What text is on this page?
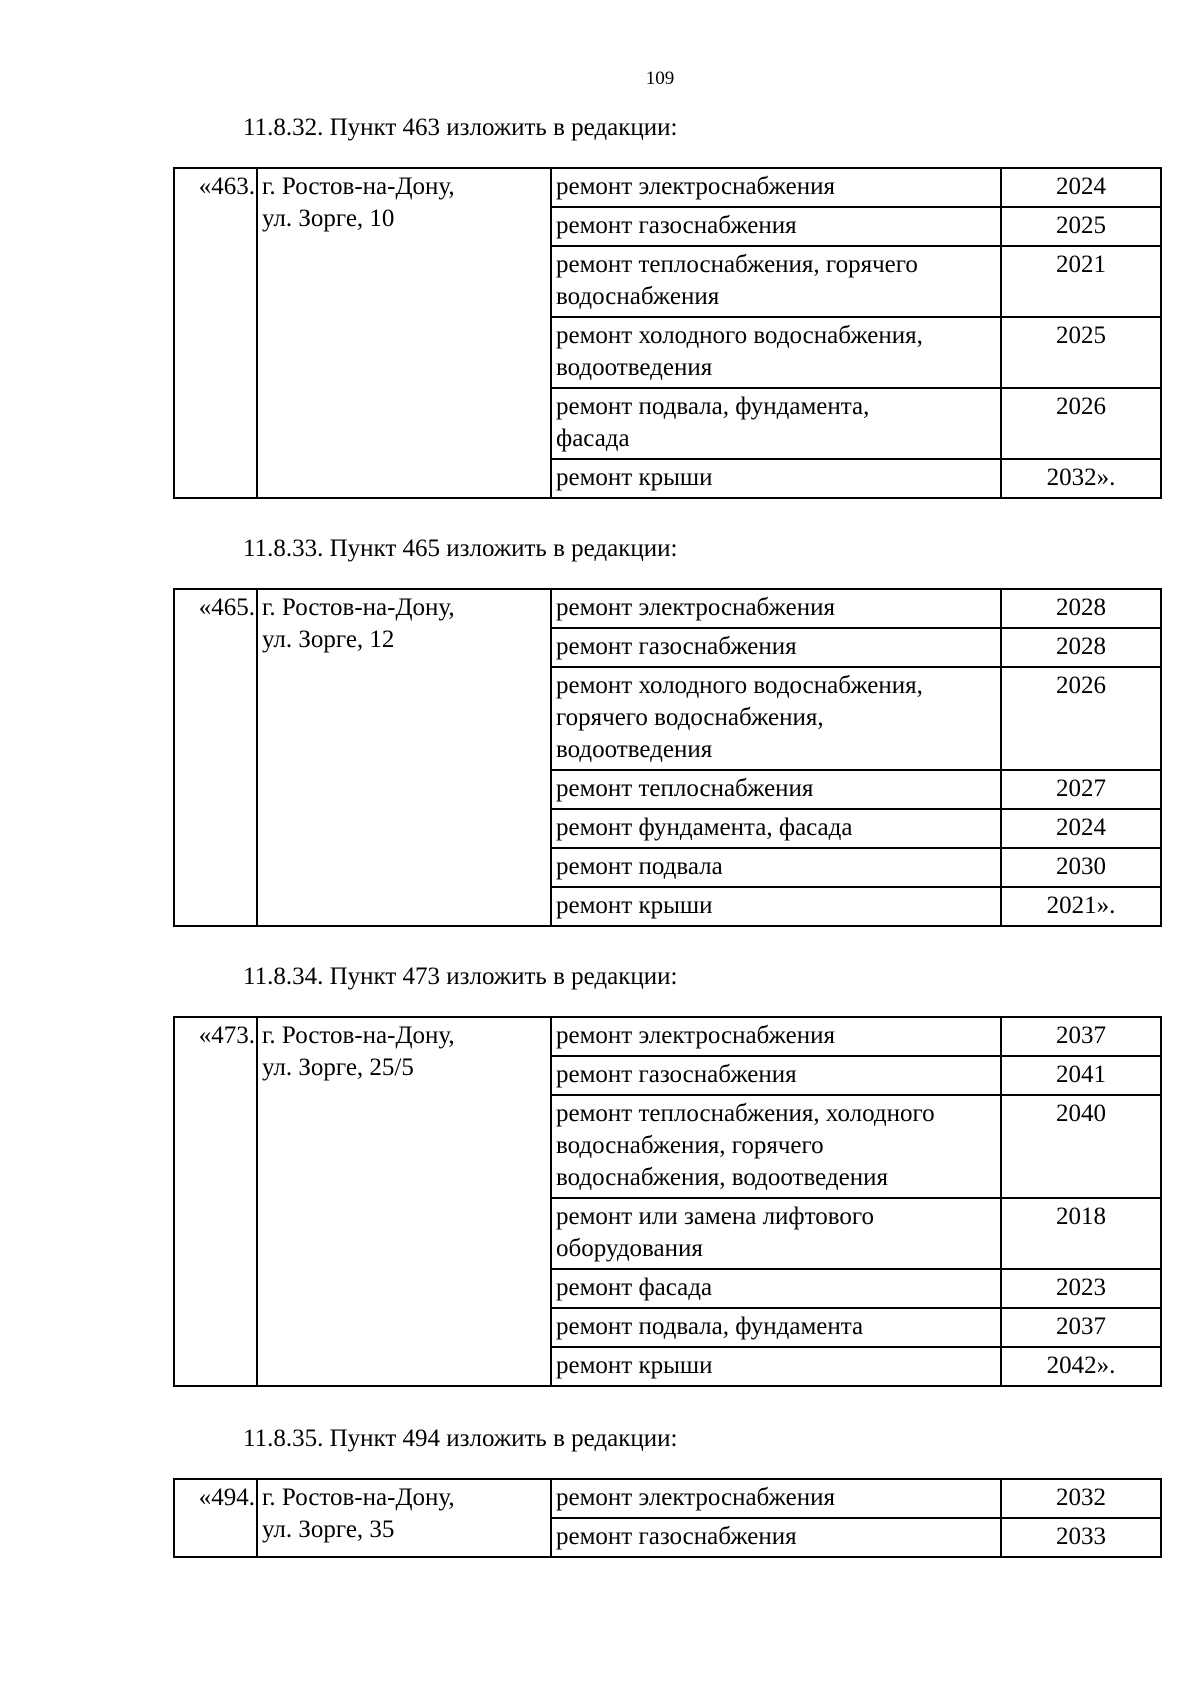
109

11.8.32. Пункт 463 изложить в редакции:

«463.	г. Ростов-на-Дону,
ул. Зорге, 10	ремонт электроснабжения	2024
		ремонт газоснабжения	2025
		ремонт теплоснабжения, горячего
водоснабжения	2021
		ремонт холодного водоснабжения,
водоотведения	2025
		ремонт подвала, фундамента,
фасада	2026
		ремонт крыши	2032».

11.8.33. Пункт 465 изложить в редакции:

«465.	г. Ростов-на-Дону,
ул. Зорге, 12	ремонт электроснабжения	2028
		ремонт газоснабжения	2028
		ремонт холодного водоснабжения,
горячего водоснабжения,
водоотведения	2026
		ремонт теплоснабжения	2027
		ремонт фундамента, фасада	2024
		ремонт подвала	2030
		ремонт крыши	2021».

11.8.34. Пункт 473 изложить в редакции:

«473.	г. Ростов-на-Дону,
ул. Зорге, 25/5	ремонт электроснабжения	2037
		ремонт газоснабжения	2041
		ремонт теплоснабжения, холодного
водоснабжения, горячего
водоснабжения, водоотведения	2040
		ремонт или замена лифтового
оборудования	2018
		ремонт фасада	2023
		ремонт подвала, фундамента	2037
		ремонт крыши	2042».

11.8.35. Пункт 494 изложить в редакции:

«494.	г. Ростов-на-Дону,
ул. Зорге, 35	ремонт электроснабжения	2032
		ремонт газоснабжения	2033
